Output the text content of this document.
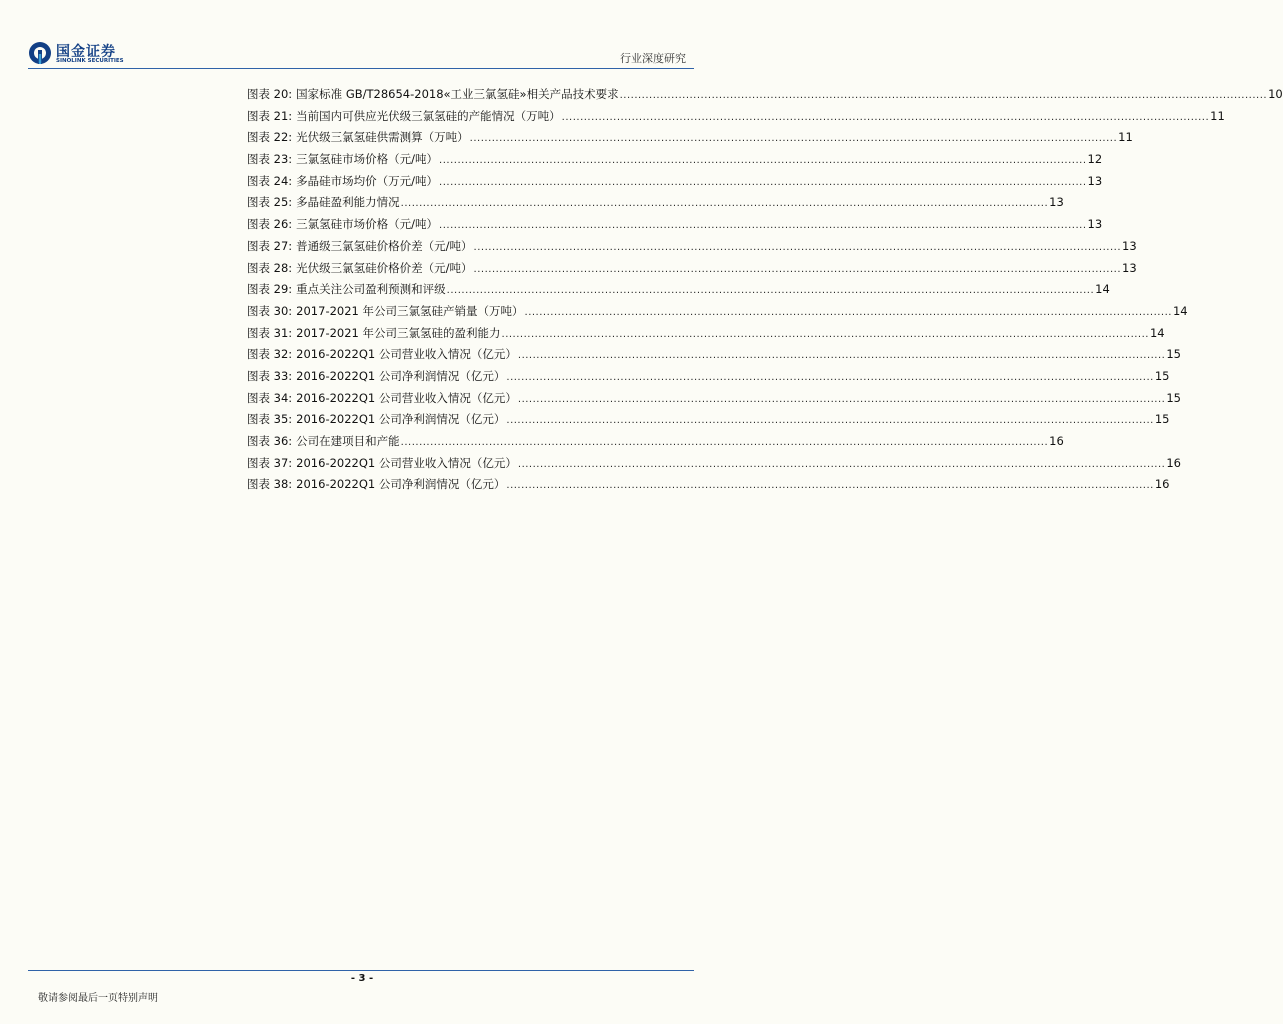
国金证券
SINOLINK SECURITIES	行业深度研究
图表 20: 国家标准 GB/T28654-2018«工业三氯氢硅»相关产品技术要求 .....	10
图表 21: 当前国内可供应光伏级三氯氢硅的产能情况（万吨） .....	11
图表 22: 光伏级三氯氢硅供需测算（万吨） .....	11
图表 23: 三氯氢硅市场价格（元/吨） .....	12
图表 24: 多晶硅市场均价（万元/吨） .....	13
图表 25: 多晶硅盈利能力情况 .....	13
图表 26: 三氯氢硅市场价格（元/吨） .....	13
图表 27: 普通级三氯氢硅价格价差（元/吨） .....	13
图表 28: 光伏级三氯氢硅价格价差（元/吨） .....	13
图表 29: 重点关注公司盈利预测和评级 .....	14
图表 30: 2017-2021 年公司三氯氢硅产销量（万吨） .....	14
图表 31: 2017-2021 年公司三氯氢硅的盈利能力 .....	14
图表 32: 2016-2022Q1 公司营业收入情况（亿元） .....	15
图表 33: 2016-2022Q1 公司净利润情况（亿元） .....	15
图表 34: 2016-2022Q1 公司营业收入情况（亿元） .....	15
图表 35: 2016-2022Q1 公司净利润情况（亿元） .....	15
图表 36: 公司在建项目和产能 .....	16
图表 37: 2016-2022Q1 公司营业收入情况（亿元） .....	16
图表 38: 2016-2022Q1 公司净利润情况（亿元） .....	16
- 3 -
敬请参阅最后一页特别声明
